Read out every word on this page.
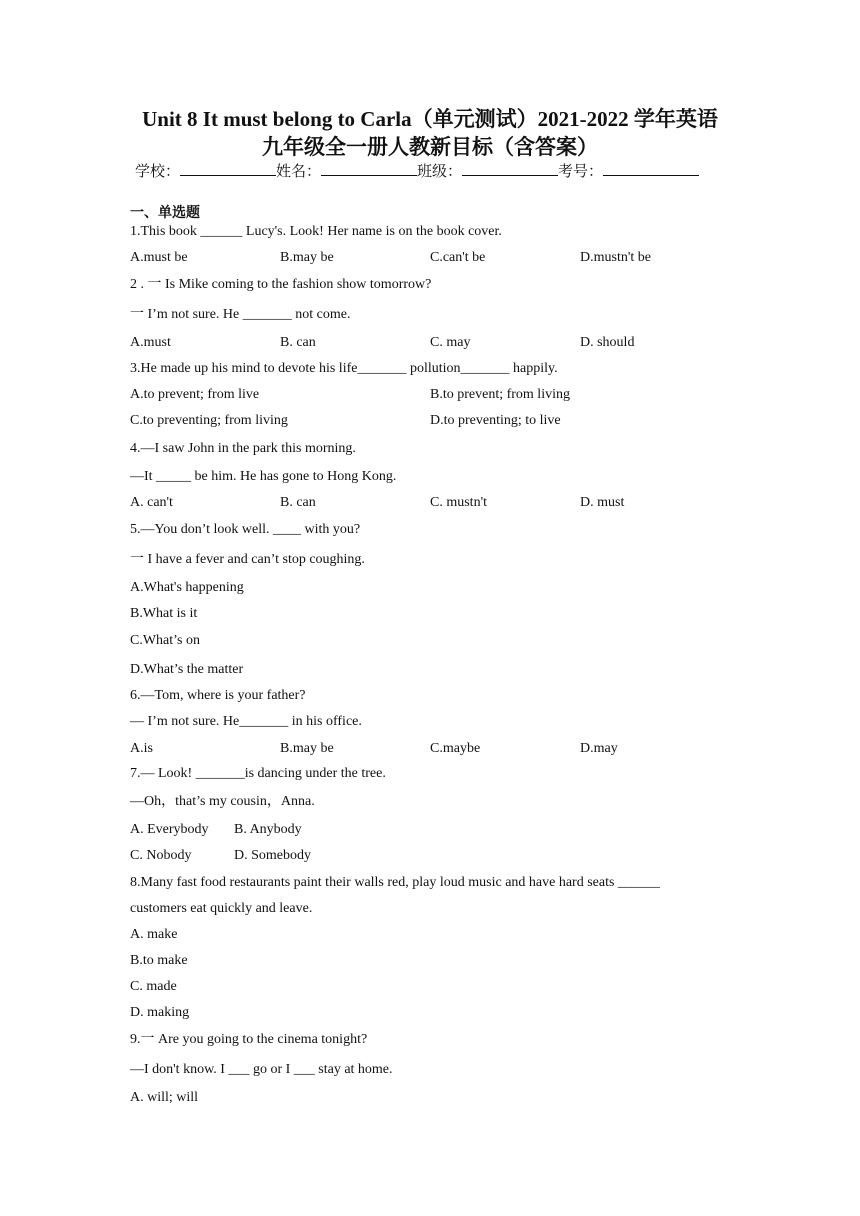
Unit 8 It must belong to Carla（单元测试）2021-2022 学年英语
九年级全一册人教新目标（含答案）
学校：	姓名：	班级：	考号：
一、单选题
1.This book ______ Lucy's. Look! Her name is on the book cover.
A.must be	B.may be	C.can't be	D.mustn't be
2 . 一 Is Mike coming to the fashion show tomorrow?
一 I’m not sure. He _______ not come.
A.must	B. can	C. may	D. should
3.He made up his mind to devote his life_______ pollution_______ happily.
A.to prevent; from live	B.to prevent; from living
C.to preventing; from living	D.to preventing; to live
4.—I saw John in the park this morning.
—It _____ be him. He has gone to Hong Kong.
A. can't	B. can	C. mustn't	D. must
5.—You don’t look well. ____ with you?
一 I have a fever and can’t stop coughing.
A.What's happening
B.What is it
C.What’s on
D.What’s the matter
6.—Tom, where is your father?
— I’m not sure. He_______ in his office.
A.is	B.may be	C.maybe	D.may
7.— Look! _______is dancing under the tree.
—Oh，that’s my cousin，Anna.
A. Everybody B. Anybody
C. Nobody	D. Somebody
8.Many fast food restaurants paint their walls red, play loud music and have hard seats ______
customers eat quickly and leave.
A. make
B.to make
C. made
D. making
9.一 Are you going to the cinema tonight?
—I don't know. I ___ go or I ___ stay at home.
A. will; will
